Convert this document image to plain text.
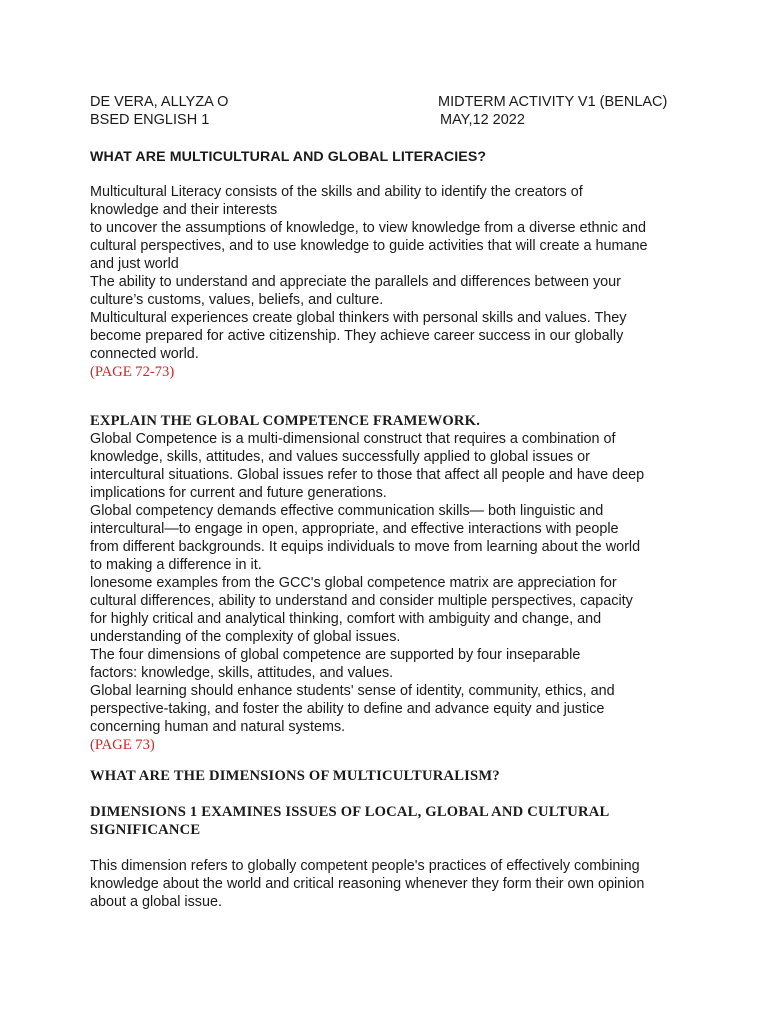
DE VERA, ALLYZA O	MIDTERM ACTIVITY V1 (BENLAC)
BSED ENGLISH 1	MAY,12 2022

WHAT ARE MULTICULTURAL AND GLOBAL LITERACIES?

Multicultural Literacy consists of the skills and ability to identify the creators of

knowledge and their interests

to uncover the assumptions of knowledge, to view knowledge from a diverse ethnic and

cultural perspectives, and to use knowledge to guide activities that will create a humane

and just world

The ability to understand and appreciate the parallels and differences between your

culture’s customs, values, beliefs, and culture.

Multicultural experiences create global thinkers with personal skills and values. They

become prepared for active citizenship. They achieve career success in our globally

connected world.

(PAGE 72-73)

EXPLAIN THE GLOBAL COMPETENCE FRAMEWORK.

Global Competence is a multi-dimensional construct that requires a combination of

knowledge, skills, attitudes, and values successfully applied to global issues or

intercultural situations. Global issues refer to those that affect all people and have deep

implications for current and future generations.

Global competency demands effective communication skills— both linguistic and

intercultural—to engage in open, appropriate, and effective interactions with people

from different backgrounds. It equips individuals to move from learning about the world

to making a difference in it.

lonesome examples from the GCC's global competence matrix are appreciation for

cultural differences, ability to understand and consider multiple perspectives, capacity

for highly critical and analytical thinking, comfort with ambiguity and change, and

understanding of the complexity of global issues.

The four dimensions of global competence are supported by four inseparable

factors: knowledge, skills, attitudes, and values.

Global learning should enhance students' sense of identity, community, ethics, and

perspective-taking, and foster the ability to define and advance equity and justice

concerning human and natural systems.

(PAGE 73)

WHAT ARE THE DIMENSIONS OF MULTICULTURALISM?

DIMENSIONS 1 EXAMINES ISSUES OF LOCAL, GLOBAL AND CULTURAL

SIGNIFICANCE

This dimension refers to globally competent people's practices of effectively combining

knowledge about the world and critical reasoning whenever they form their own opinion

about a global issue.
